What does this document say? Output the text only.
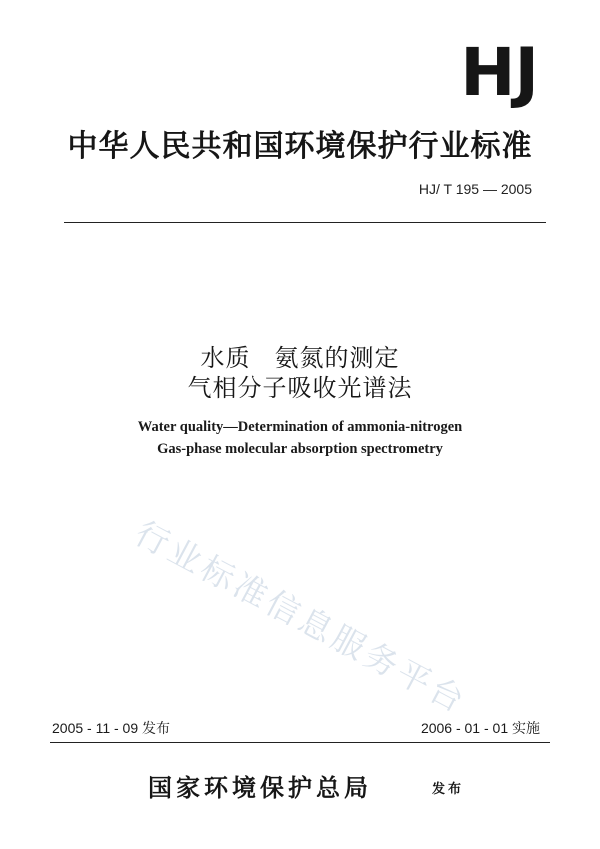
HJ
中华人民共和国环境保护行业标准
HJ/ T 195 — 2005
水质 氨氮的测定
气相分子吸收光谱法
Water quality—Determination of ammonia-nitrogen
Gas-phase molecular absorption spectrometry
行业标准信息服务平台
2005 - 11 - 09 发布	2006 - 01 - 01 实施
国家环境保护总局	发布
